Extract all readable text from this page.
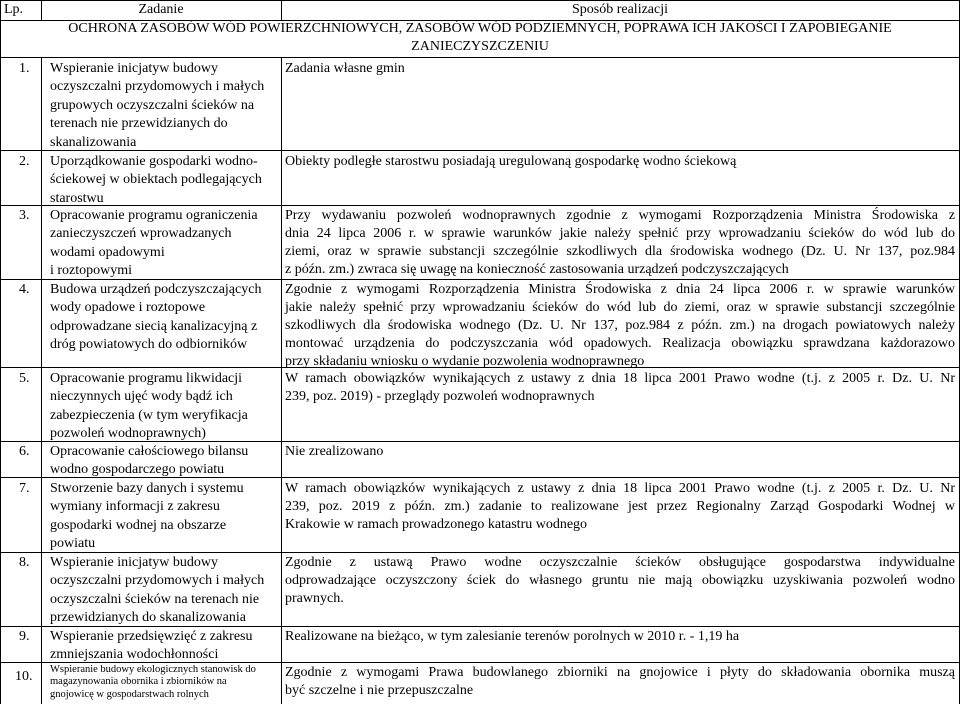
Lp.	Zadanie	Sposób realizacji
OCHRONA ZASOBÓW WÓD POWIERZCHNIOWYCH, ZASOBÓW WÓD PODZIEMNYCH, POPRAWA ICH JAKOŚCI I ZAPOBIEGANIE
ZANIECZYSZCZENIU
1. Wspieranie inicjatyw budowy
oczyszczalni przydomowych i małych
grupowych oczyszczalni ścieków na
terenach nie przewidzianych do
skanalizowania
Zadania własne gmin
2. Uporządkowanie gospodarki wodno-
ściekowej w obiektach podlegających
starostwu
Obiekty podległe starostwu posiadają uregulowaną gospodarkę wodno ściekową
3. Opracowanie programu ograniczenia
zanieczyszczeń wprowadzanych
wodami opadowymi
i roztopowymi
Przy wydawaniu pozwoleń wodnoprawnych zgodnie z wymogami Rozporządzenia Ministra Środowiska z
dnia 24 lipca 2006 r. w sprawie warunków jakie należy spełnić przy wprowadzaniu ścieków do wód lub do
ziemi, oraz w sprawie substancji szczególnie szkodliwych dla środowiska wodnego (Dz. U. Nr 137, poz.984
z późn. zm.) zwraca się uwagę na konieczność zastosowania urządzeń podczyszczających
4. Budowa urządzeń podczyszczających
wody opadowe i roztopowe
odprowadzane siecią kanalizacyjną z
dróg powiatowych do odbiorników
Zgodnie z wymogami Rozporządzenia Ministra Środowiska z dnia 24 lipca 2006 r. w sprawie warunków
jakie należy spełnić przy wprowadzaniu ścieków do wód lub do ziemi, oraz w sprawie substancji szczególnie
szkodliwych dla środowiska wodnego (Dz. U. Nr 137, poz.984 z późn. zm.) na drogach powiatowych należy
montować urządzenia do podczyszczania wód opadowych. Realizacja obowiązku sprawdzana każdorazowo
przy składaniu wniosku o wydanie pozwolenia wodnoprawnego
5. Opracowanie programu likwidacji
nieczynnych ujęć wody bądź ich
zabezpieczenia (w tym weryfikacja
pozwoleń wodnoprawnych)
W ramach obowiązków wynikających z ustawy z dnia 18 lipca 2001 Prawo wodne (t.j. z 2005 r. Dz. U. Nr
239, poz. 2019) - przeglądy pozwoleń wodnoprawnych
6. Opracowanie całościowego bilansu
wodno gospodarczego powiatu
Nie zrealizowano
7. Stworzenie bazy danych i systemu
wymiany informacji z zakresu
gospodarki wodnej na obszarze
powiatu
W ramach obowiązków wynikających z ustawy z dnia 18 lipca 2001 Prawo wodne (t.j. z 2005 r. Dz. U. Nr
239, poz. 2019 z późn. zm.) zadanie to realizowane jest przez Regionalny Zarząd Gospodarki Wodnej w
Krakowie w ramach prowadzonego katastru wodnego
8. Wspieranie inicjatyw budowy
oczyszczalni przydomowych i małych
oczyszczalni ścieków na terenach nie
przewidzianych do skanalizowania
Zgodnie z ustawą Prawo wodne oczyszczalnie ścieków obsługujące gospodarstwa indywidualne
odprowadzające oczyszczony ściek do własnego gruntu nie mają obowiązku uzyskiwania pozwoleń wodno
prawnych.
9. Wspieranie przedsięwzięć z zakresu
zmniejszania wodochłonności
Realizowane na bieżąco, w tym zalesianie terenów porolnych w 2010 r. - 1,19 ha
10. Wspieranie budowy ekologicznych stanowisk do
magazynowania obornika i zbiorników na
gnojowicę w gospodarstwach rolnych
Zgodnie z wymogami Prawa budowlanego zbiorniki na gnojowice i płyty do składowania obornika muszą
być szczelne i nie przepuszczalne
